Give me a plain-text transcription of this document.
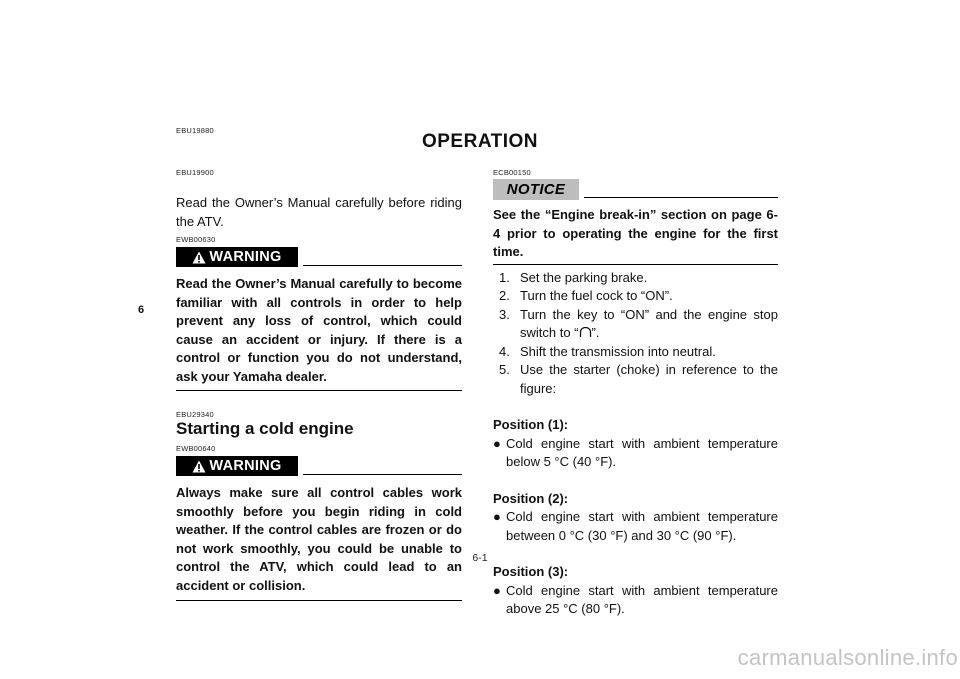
EBU19880
OPERATION
6
EBU19900
Read the Owner’s Manual carefully before riding the ATV.
EWB00630
WARNING
Read the Owner’s Manual carefully to become familiar with all controls in order to help prevent any loss of control, which could cause an accident or injury. If there is a control or function you do not understand, ask your Yamaha dealer.
EBU29340
Starting a cold engine
EWB00640
WARNING
Always make sure all control cables work smoothly before you begin riding in cold weather. If the control cables are frozen or do not work smoothly, you could be unable to control the ATV, which could lead to an accident or collision.
ECB00150
NOTICE
See the “Engine break-in” section on page 6-4 prior to operating the engine for the first time.
1. Set the parking brake.
2. Turn the fuel cock to “ON”.
3. Turn the key to “ON” and the engine stop switch to “ ”.
4. Shift the transmission into neutral.
5. Use the starter (choke) in reference to the figure:
Position (1):
● Cold engine start with ambient temperature below 5 °C (40 °F).
Position (2):
● Cold engine start with ambient temperature between 0 °C (30 °F) and 30 °C (90 °F).
Position (3):
● Cold engine start with ambient temperature above 25 °C (80 °F).
6-1
carmanualsonline.info
